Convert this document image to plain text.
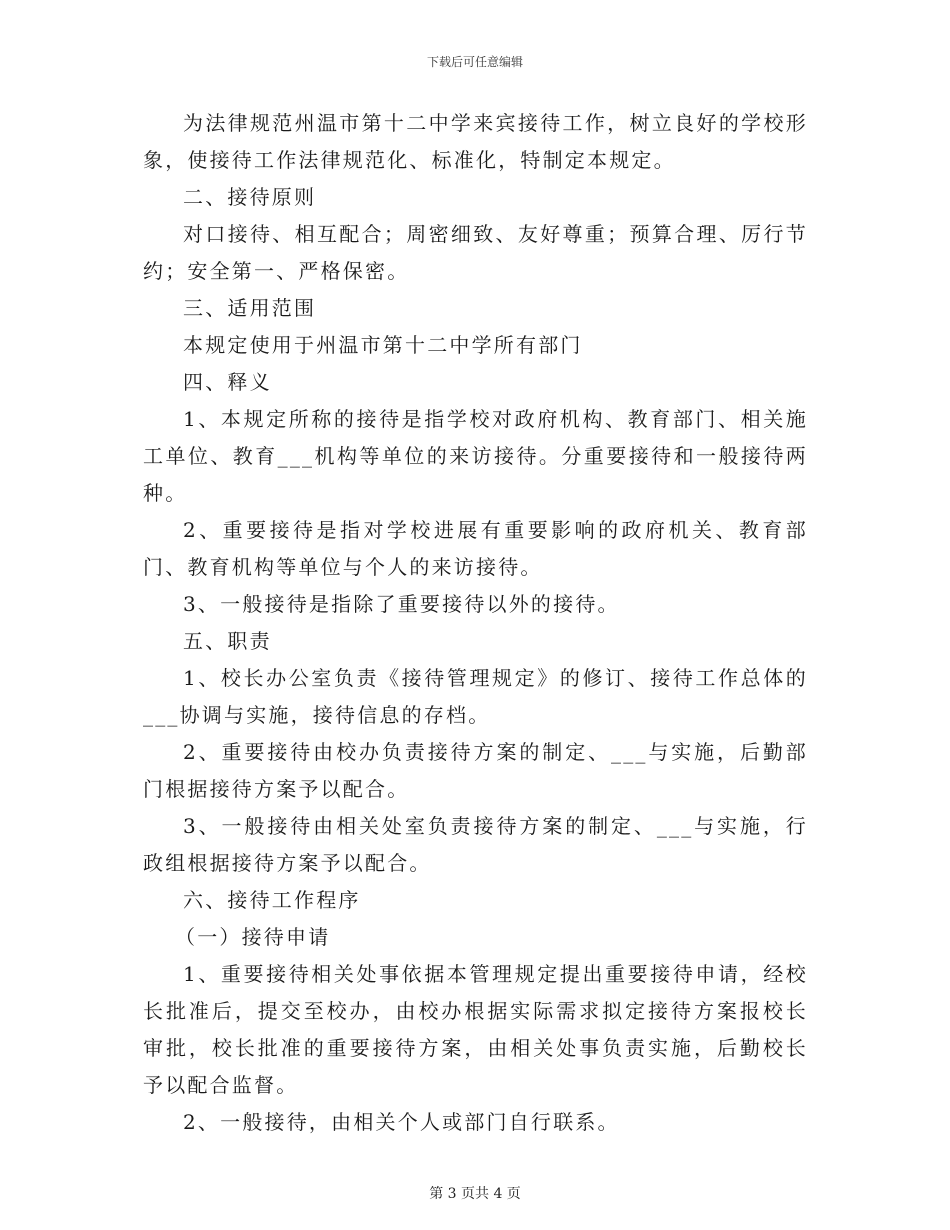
下载后可任意编辑

为法律规范州温市第十二中学来宾接待工作，树立良好的学校形象，使接待工作法律规范化、标准化，特制定本规定。

二、接待原则

对口接待、相互配合；周密细致、友好尊重；预算合理、厉行节约；安全第一、严格保密。

三、适用范围

本规定使用于州温市第十二中学所有部门

四、释义

1、本规定所称的接待是指学校对政府机构、教育部门、相关施工单位、教育___机构等单位的来访接待。分重要接待和一般接待两种。

2、重要接待是指对学校进展有重要影响的政府机关、教育部门、教育机构等单位与个人的来访接待。

3、一般接待是指除了重要接待以外的接待。

五、职责

1、校长办公室负责《接待管理规定》的修订、接待工作总体的___协调与实施，接待信息的存档。

2、重要接待由校办负责接待方案的制定、___与实施，后勤部门根据接待方案予以配合。

3、一般接待由相关处室负责接待方案的制定、___与实施，行政组根据接待方案予以配合。

六、接待工作程序

（一）接待申请

1、重要接待相关处事依据本管理规定提出重要接待申请，经校长批准后，提交至校办，由校办根据实际需求拟定接待方案报校长审批，校长批准的重要接待方案，由相关处事负责实施，后勤校长予以配合监督。

2、一般接待，由相关个人或部门自行联系。

第 3 页共 4 页
